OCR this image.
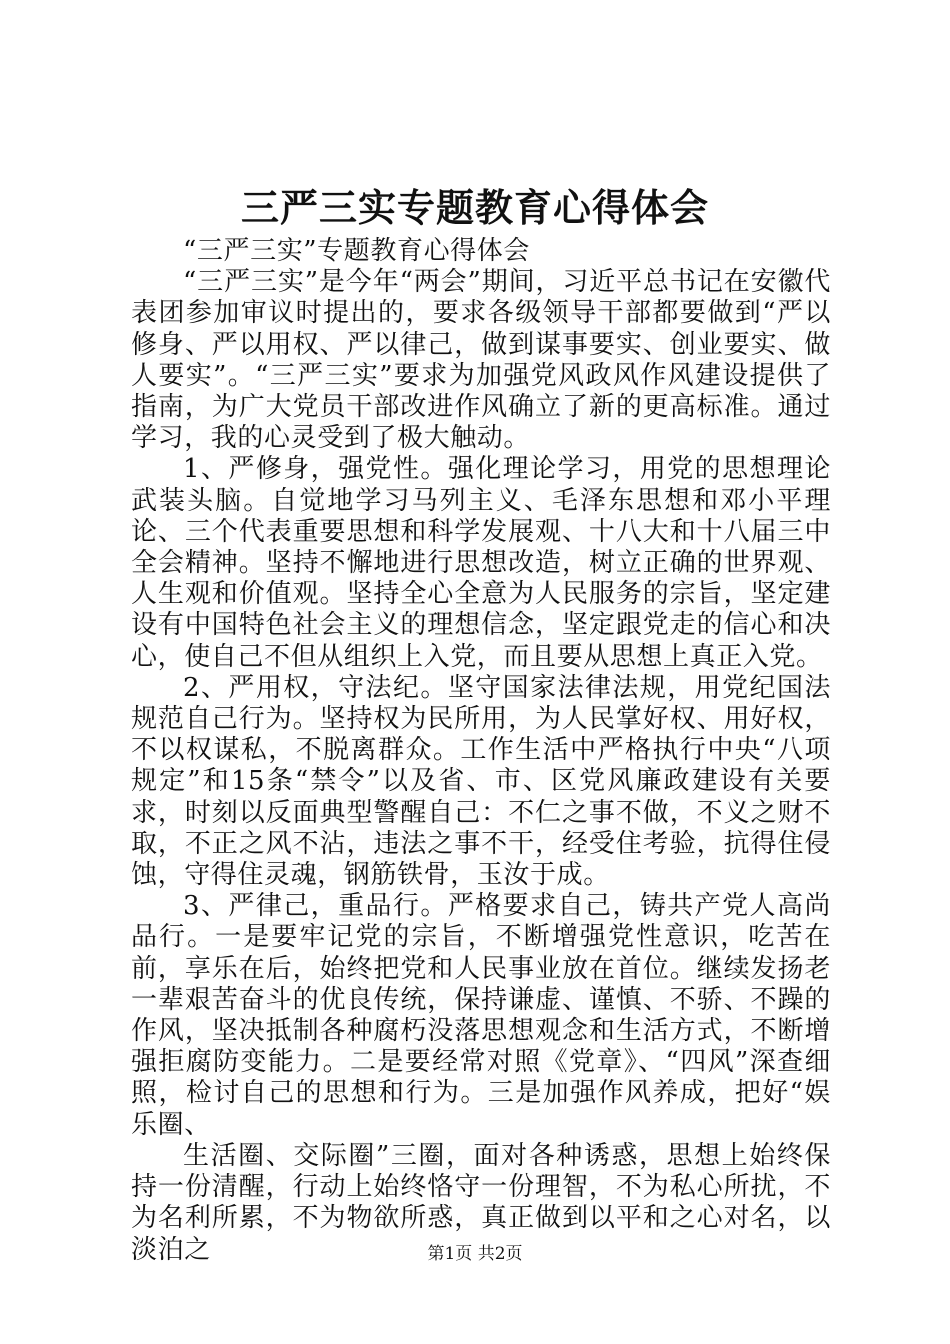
三严三实专题教育心得体会

“三严三实”专题教育心得体会

“三严三实”是今年“两会”期间，习近平总书记在安徽代表团参加审议时提出的，要求各级领导干部都要做到“严以修身、严以用权、严以律己，做到谋事要实、创业要实、做人要实”。“三严三实”要求为加强党风政风作风建设提供了指南，为广大党员干部改进作风确立了新的更高标准。通过学习，我的心灵受到了极大触动。

1、严修身，强党性。强化理论学习，用党的思想理论武装头脑。自觉地学习马列主义、毛泽东思想和邓小平理论、三个代表重要思想和科学发展观、十八大和十八届三中全会精神。坚持不懈地进行思想改造，树立正确的世界观、人生观和价值观。坚持全心全意为人民服务的宗旨，坚定建设有中国特色社会主义的理想信念，坚定跟党走的信心和决心，使自己不但从组织上入党，而且要从思想上真正入党。

2、严用权，守法纪。坚守国家法律法规，用党纪国法规范自己行为。坚持权为民所用，为人民掌好权、用好权，不以权谋私，不脱离群众。工作生活中严格执行中央“八项规定”和15条“禁令”以及省、市、区党风廉政建设有关要求，时刻以反面典型警醒自己：不仁之事不做，不义之财不取，不正之风不沾，违法之事不干，经受住考验，抗得住侵蚀，守得住灵魂，钢筋铁骨，玉汝于成。

3、严律己，重品行。严格要求自己，铸共产党人高尚品行。一是要牢记党的宗旨，不断增强党性意识，吃苦在前，享乐在后，始终把党和人民事业放在首位。继续发扬老一辈艰苦奋斗的优良传统，保持谦虚、谨慎、不骄、不躁的作风，坚决抵制各种腐朽没落思想观念和生活方式，不断增强拒腐防变能力。二是要经常对照《党章》、“四风”深查细照，检讨自己的思想和行为。三是加强作风养成，把好“娱乐圈、

生活圈、交际圈”三圈，面对各种诱惑，思想上始终保持一份清醒，行动上始终恪守一份理智，不为私心所扰，不为名利所累，不为物欲所惑，真正做到以平和之心对名，以淡泊之	第1页 共2页
